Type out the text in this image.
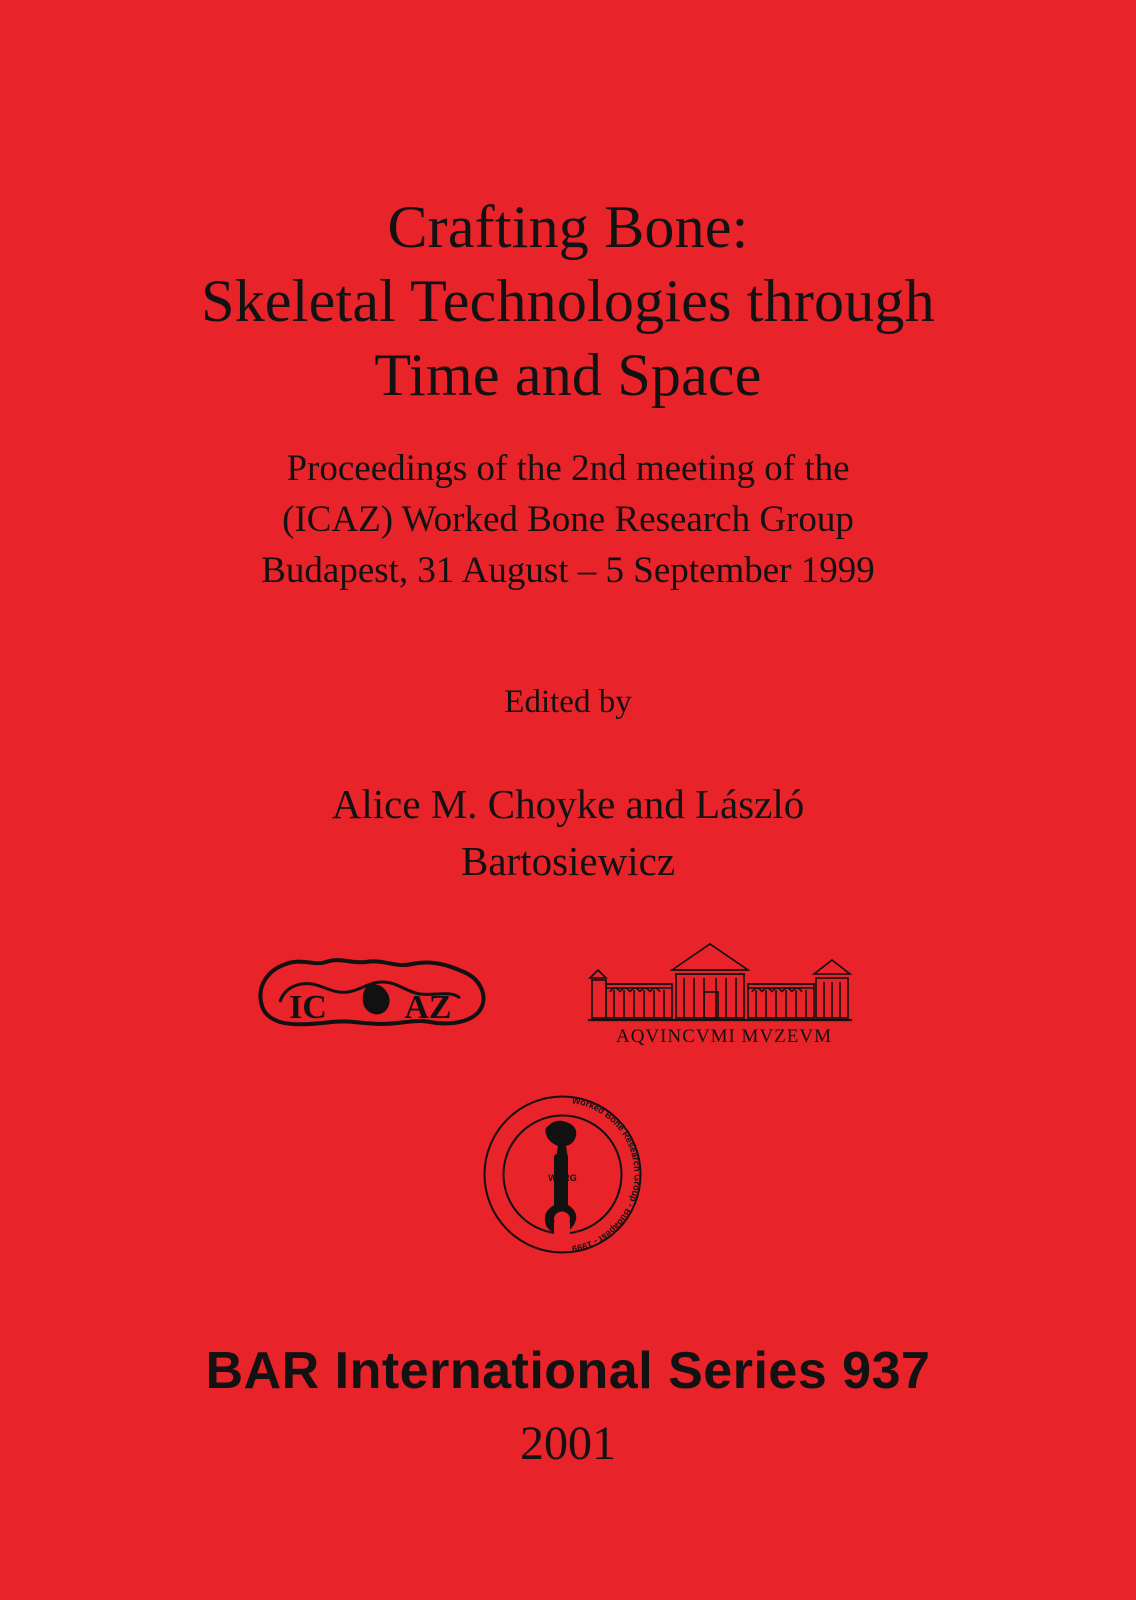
Crafting Bone:
Skeletal Technologies through
Time and Space
Proceedings of the 2nd meeting of the
(ICAZ) Worked Bone Research Group
Budapest, 31 August – 5 September 1999
Edited by
Alice M. Choyke and László
Bartosiewicz
IC AZ
AQVINCVMI MVZEVM
Worked Bone Research Group - Budapest - 1999
WBRG
BAR International Series 937
2001
